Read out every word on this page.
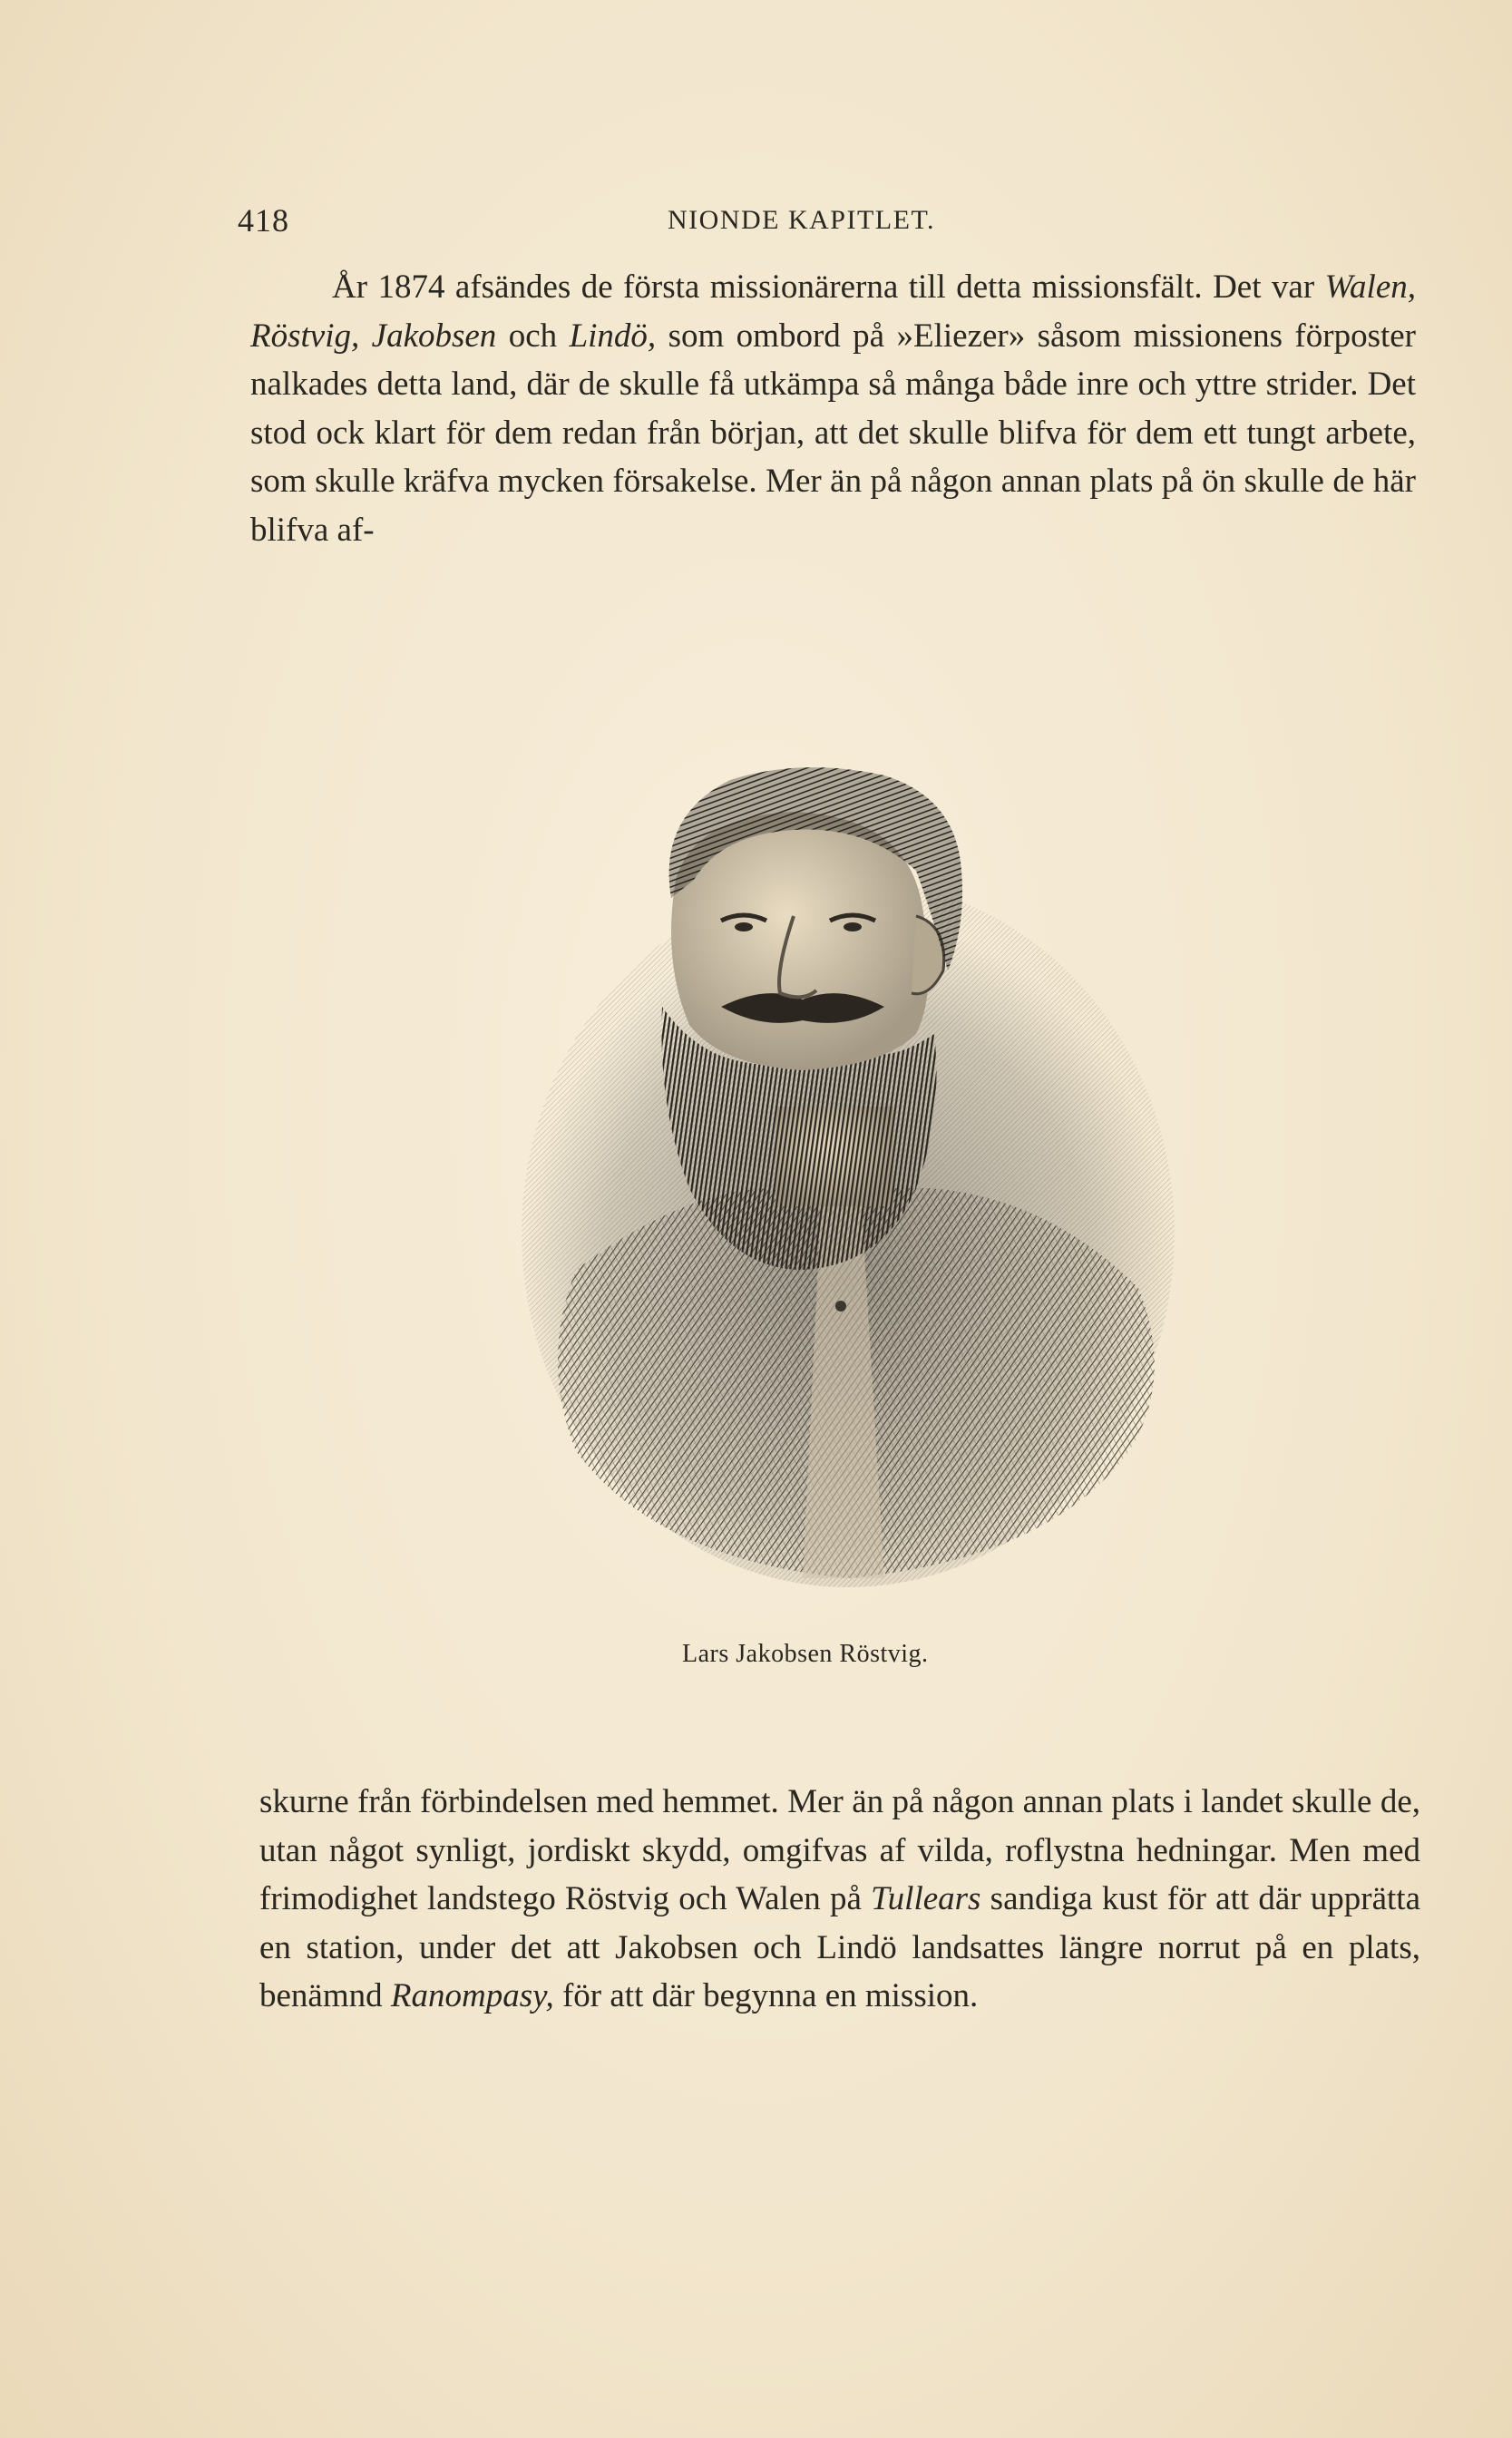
418	NIONDE KAPITLET.

År 1874 afsändes de första missionärerna till detta missionsfält. Det var Walen, Röstvig, Jakobsen och Lindö, som ombord på »Eliezer» såsom missionens förposter nalkades detta land, där de skulle få utkämpa så många både inre och yttre strider. Det stod ock klart för dem redan från början, att det skulle blifva för dem ett tungt arbete, som skulle kräfva mycken försakelse. Mer än på någon annan plats på ön skulle de här blifva af-

Lars Jakobsen Röstvig.

skurne från förbindelsen med hemmet. Mer än på någon annan plats i landet skulle de, utan något synligt, jordiskt skydd, omgifvas af vilda, roflystna hedningar. Men med frimodighet landstego Röstvig och Walen på Tullears sandiga kust för att där upprätta en station, under det att Jakobsen och Lindö landsattes längre norrut på en plats, benämnd Ranompasy, för att där begynna en mission.
